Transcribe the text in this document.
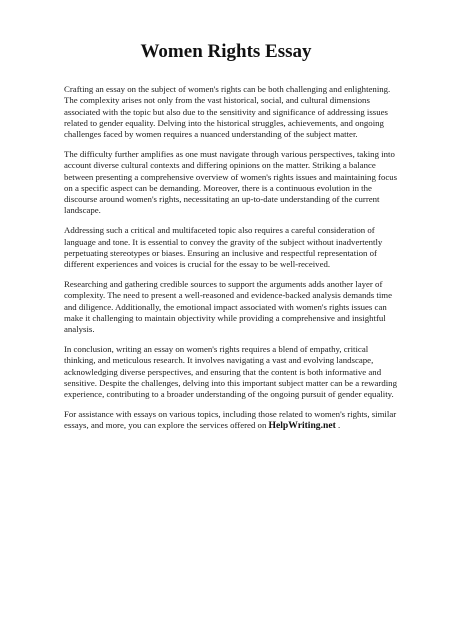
Women Rights Essay

Crafting an essay on the subject of women's rights can be both challenging and enlightening. The complexity arises not only from the vast historical, social, and cultural dimensions associated with the topic but also due to the sensitivity and significance of addressing issues related to gender equality. Delving into the historical struggles, achievements, and ongoing challenges faced by women requires a nuanced understanding of the subject matter.

The difficulty further amplifies as one must navigate through various perspectives, taking into account diverse cultural contexts and differing opinions on the matter. Striking a balance between presenting a comprehensive overview of women's rights issues and maintaining focus on a specific aspect can be demanding. Moreover, there is a continuous evolution in the discourse around women's rights, necessitating an up-to-date understanding of the current landscape.

Addressing such a critical and multifaceted topic also requires a careful consideration of language and tone. It is essential to convey the gravity of the subject without inadvertently perpetuating stereotypes or biases. Ensuring an inclusive and respectful representation of different experiences and voices is crucial for the essay to be well-received.

Researching and gathering credible sources to support the arguments adds another layer of complexity. The need to present a well-reasoned and evidence-backed analysis demands time and diligence. Additionally, the emotional impact associated with women's rights issues can make it challenging to maintain objectivity while providing a comprehensive and insightful analysis.

In conclusion, writing an essay on women's rights requires a blend of empathy, critical thinking, and meticulous research. It involves navigating a vast and evolving landscape, acknowledging diverse perspectives, and ensuring that the content is both informative and sensitive. Despite the challenges, delving into this important subject matter can be a rewarding experience, contributing to a broader understanding of the ongoing pursuit of gender equality.

For assistance with essays on various topics, including those related to women's rights, similar essays, and more, you can explore the services offered on HelpWriting.net .
